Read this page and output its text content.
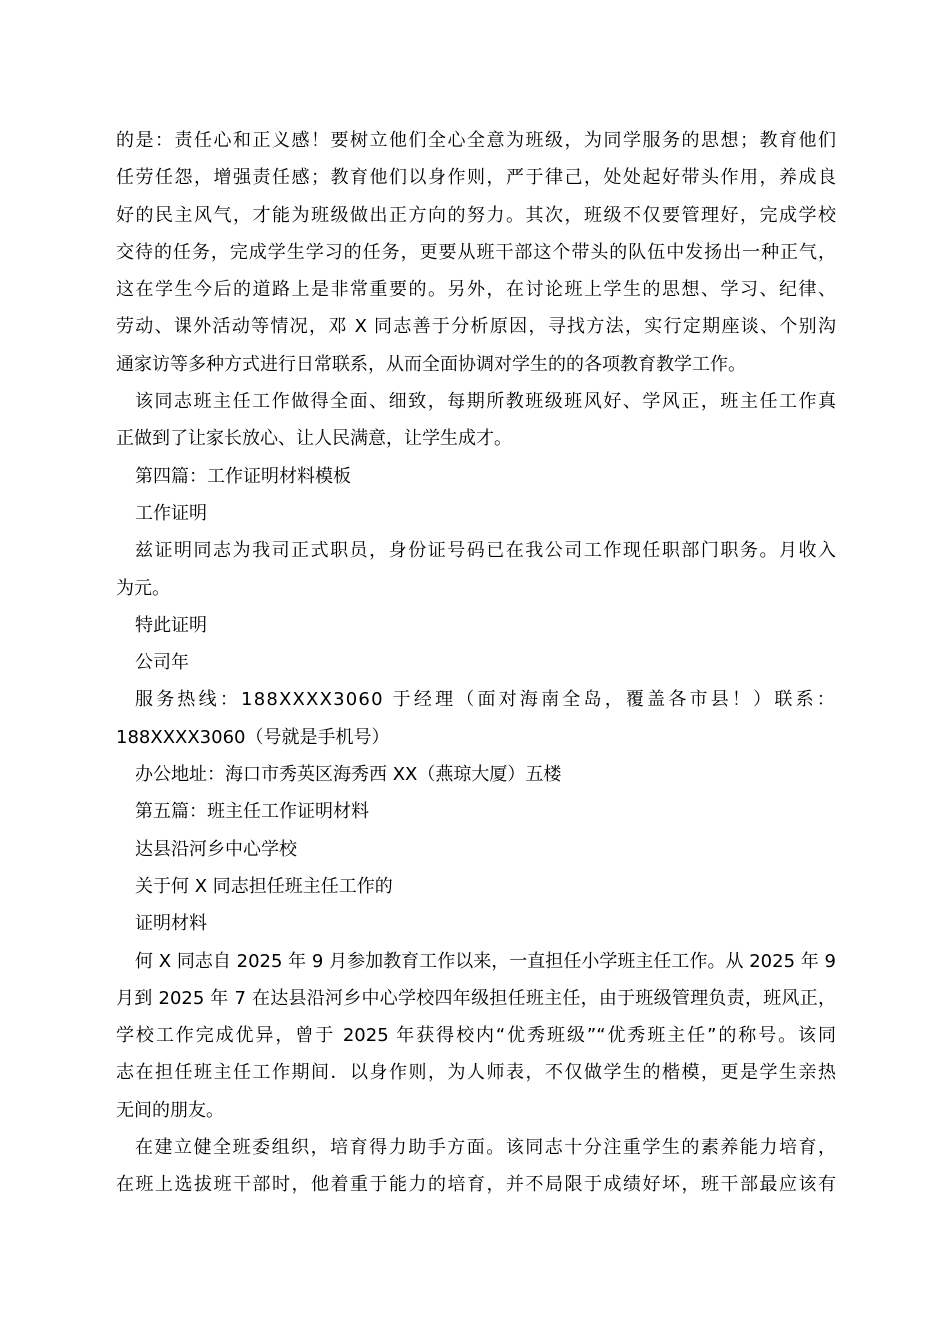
的是：责任心和正义感！要树立他们全心全意为班级，为同学服务的思想；教育他们
任劳任怨，增强责任感；教育他们以身作则，严于律己，处处起好带头作用，养成良
好的民主风气，才能为班级做出正方向的努力。其次，班级不仅要管理好，完成学校
交待的任务，完成学生学习的任务，更要从班干部这个带头的队伍中发扬出一种正气，
这在学生今后的道路上是非常重要的。另外，在讨论班上学生的思想、学习、纪律、
劳动、课外活动等情况，邓 X 同志善于分析原因，寻找方法，实行定期座谈、个别沟
通家访等多种方式进行日常联系，从而全面协调对学生的的各项教育教学工作。
该同志班主任工作做得全面、细致，每期所教班级班风好、学风正，班主任工作真
正做到了让家长放心、让人民满意，让学生成才。
第四篇：工作证明材料模板
工作证明
兹证明同志为我司正式职员，身份证号码已在我公司工作现任职部门职务。月收入
为元。
特此证明
公司年
服务热线：188XXXX3060 于经理（面对海南全岛，覆盖各市县！）联系：
188XXXX3060（号就是手机号）
办公地址：海口市秀英区海秀西 XX（燕琼大厦）五楼
第五篇：班主任工作证明材料
达县沿河乡中心学校
关于何 X 同志担任班主任工作的
证明材料
何 X 同志自 2025 年 9 月参加教育工作以来，一直担任小学班主任工作。从 2025 年 9
月到 2025 年 7 在达县沿河乡中心学校四年级担任班主任，由于班级管理负责，班风正，
学校工作完成优异，曾于 2025 年获得校内“优秀班级”“优秀班主任”的称号。该同
志在担任班主任工作期间．以身作则，为人师表，不仅做学生的楷模，更是学生亲热
无间的朋友。
在建立健全班委组织，培育得力助手方面。该同志十分注重学生的素养能力培育，
在班上选拔班干部时，他着重于能力的培育，并不局限于成绩好坏，班干部最应该有
